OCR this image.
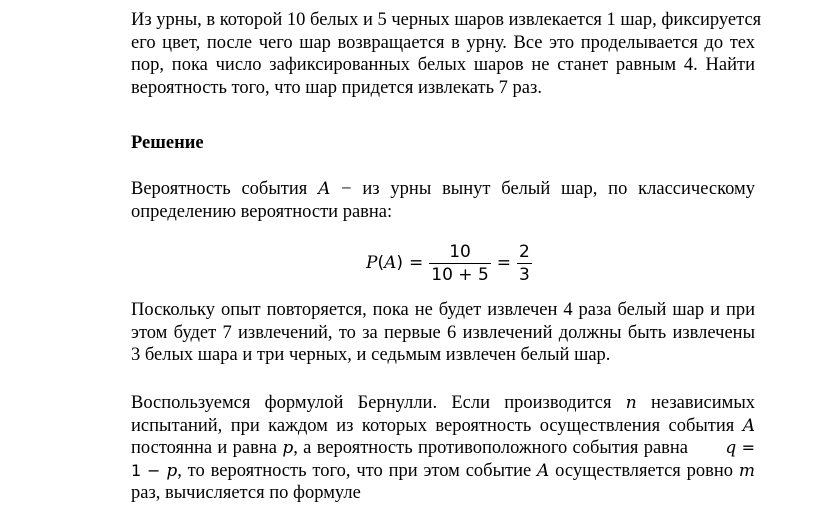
Из урны, в которой 10 белых и 5 черных шаров извлекается 1 шар, фиксируется
его цвет, после чего шар возвращается в урну. Все это проделывается до тех
пор, пока число зафиксированных белых шаров не станет равным 4. Найти
вероятность того, что шар придется извлекать 7 раз.
Решение
Вероятность события A − из урны вынут белый шар, по классическому
определению вероятности равна:
$P(A) = \frac{10}{10 + 5} = \frac{2}{3}$
Поскольку опыт повторяется, пока не будет извлечен 4 раза белый шар и при
этом будет 7 извлечений, то за первые 6 извлечений должны быть извлечены
3 белых шара и три черных, и седьмым извлечен белый шар.
Воспользуемся формулой Бернулли. Если производится n независимых
испытаний, при каждом из которых вероятность осуществления события A
постоянна и равна p, а вероятность противоположного события равна q =
1 − p, то вероятность того, что при этом событие A осуществляется ровно m
раз, вычисляется по формуле
